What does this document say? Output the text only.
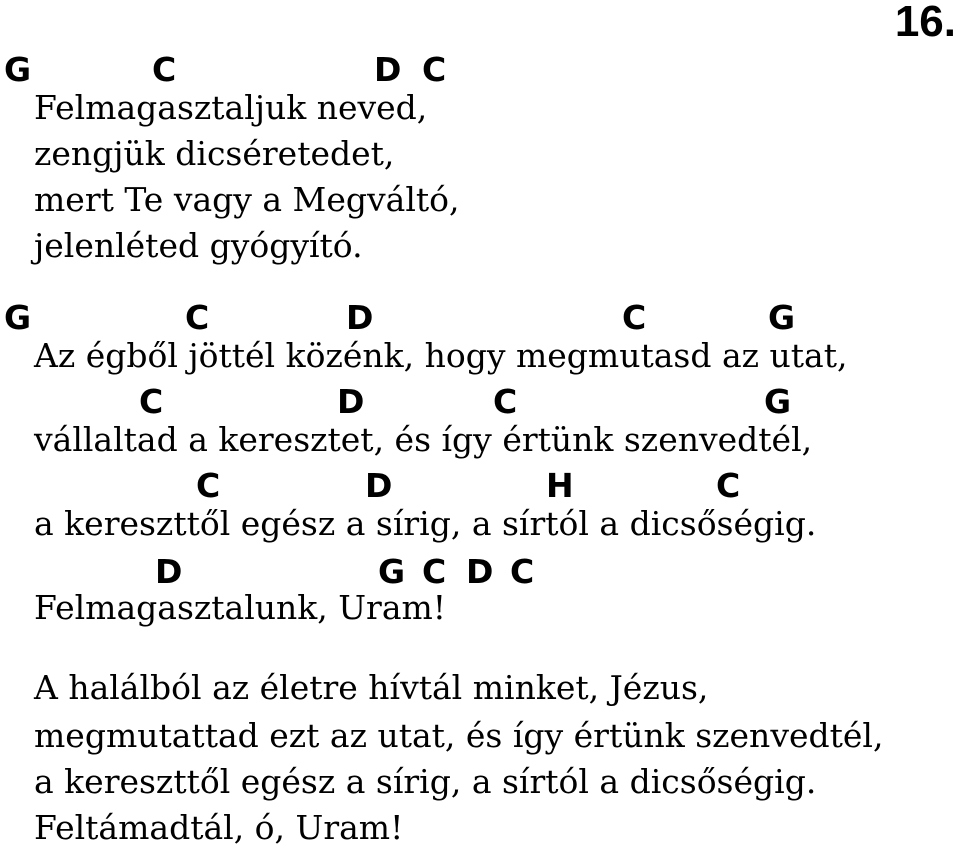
16.
G	C	D C
Felmagasztaljuk neved,
zengjük dicséretedet,
mert Te vagy a Megváltó,
jelenléted gyógyító.
G	C	D	C	G
Az égből jöttél közénk, hogy megmutasd az utat,
C	D	C	G
vállaltad a keresztet, és így értünk szenvedtél,
C	D	H	C
a kereszttől egész a sírig, a sírtól a dicsőségig.
D	G C D C
Felmagasztalunk, Uram!
A halálból az életre hívtál minket, Jézus,
megmutattad ezt az utat, és így értünk szenvedtél,
a kereszttől egész a sírig, a sírtól a dicsőségig.
Feltámadtál, ó, Uram!
